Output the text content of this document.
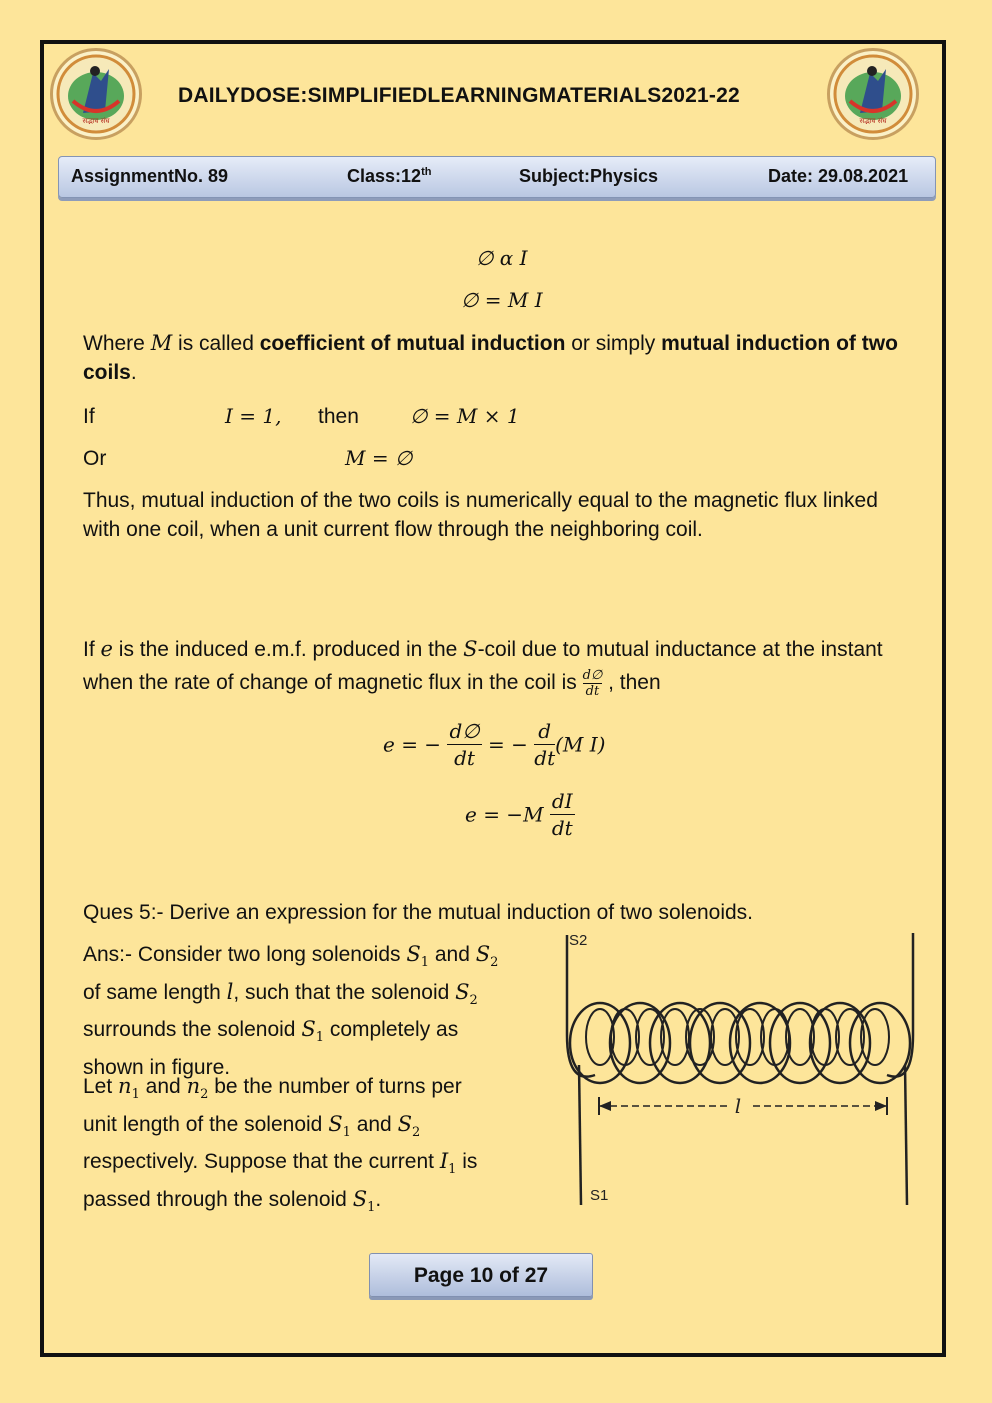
सद्भाव संघ	सद्भाव संघ
DAILYDOSE:SIMPLIFIEDLEARNINGMATERIALS2021-22
AssignmentNo. 89	Class:12th	Subject:Physics	Date: 29.08.2021
∅ α I
∅ = M I
Where M is called coefficient of mutual induction or simply mutual induction of two coils.
If	I = 1, then	∅ = M × 1
Or	M = ∅
Thus, mutual induction of the two coils is numerically equal to the magnetic flux linked with one coil, when a unit current flow through the neighboring coil.
If e is the induced e.m.f. produced in the S-coil due to mutual inductance at the instant when the rate of change of magnetic flux in the coil is $\frac{d\emptyset}{dt}$ , then
e = − $\frac{d\emptyset}{dt}$ = − $\frac{d}{dt} (M$ I)
$e = -M \frac{dI}{dt}$
Ques 5:- Derive an expression for the mutual induction of two solenoids.
Ans:- Consider two long solenoids $S_1$ and $S_2$
of same length l, such that the solenoid $S_2$
surrounds the solenoid $S_1$ completely as
shown in figure.
Let $n_1$ and $n_2$ be the number of turns per
unit length of the solenoid $S_1$ and $S_2$
respectively. Suppose that the current $I_1$ is
passed through the solenoid $S_1$.
l
S2
S1
Page 10 of 27
